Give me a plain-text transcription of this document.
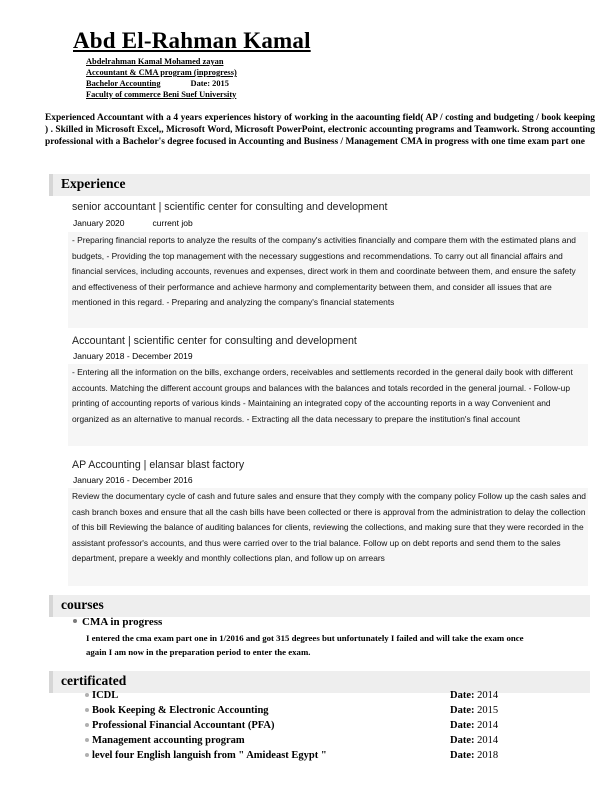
Abd El-Rahman Kamal
Abdelrahman Kamal Mohamed zayan
Accountant & CMA program (inprogress)
Bachelor Accounting	Date: 2015
Faculty of commerce Beni Suef University
Experienced Accountant with a 4 years experiences history of working in the aacounting field( AP / costing and budgeting / book keeping ) . Skilled in Microsoft Excel,, Microsoft Word, Microsoft PowerPoint, electronic accounting programs and Teamwork. Strong accounting professional with a Bachelor's degree focused in Accounting and Business / Management CMA in progress with one time exam part one
Experience
senior accountant | scientific center for consulting and development
January 2020	current job
- Preparing financial reports to analyze the results of the company's activities financially and compare them with the estimated plans and budgets, - Providing the top management with the necessary suggestions and recommendations. To carry out all financial affairs and financial services, including accounts, revenues and expenses, direct work in them and coordinate between them, and ensure the safety and effectiveness of their performance and achieve harmony and complementarity between them, and consider all issues that are mentioned in this regard. - Preparing and analyzing the company's financial statements
Accountant | scientific center for consulting and development
January 2018 - December 2019
- Entering all the information on the bills, exchange orders, receivables and settlements recorded in the general daily book with different accounts. Matching the different account groups and balances with the balances and totals recorded in the general journal. - Follow-up printing of accounting reports of various kinds - Maintaining an integrated copy of the accounting reports in a way Convenient and organized as an alternative to manual records. - Extracting all the data necessary to prepare the institution's final account
AP Accounting | elansar blast factory
January 2016 - December 2016
Review the documentary cycle of cash and future sales and ensure that they comply with the company policy Follow up the cash sales and cash branch boxes and ensure that all the cash bills have been collected or there is approval from the administration to delay the collection of this bill Reviewing the balance of auditing balances for clients, reviewing the collections, and making sure that they were recorded in the assistant professor's accounts, and thus were carried over to the trial balance. Follow up on debt reports and send them to the sales department, prepare a weekly and monthly collections plan, and follow up on arrears
courses
CMA in progress
I entered the cma exam part one in 1/2016 and got 315 degrees but unfortunately I failed and will take the exam once again I am now in the preparation period to enter the exam.
certificated
ICDL	Date: 2014
Book Keeping & Electronic Accounting	Date: 2015
Professional Financial Accountant (PFA)	Date: 2014
Management accounting program	Date: 2014
level four English languish from " Amideast Egypt "	Date: 2018
